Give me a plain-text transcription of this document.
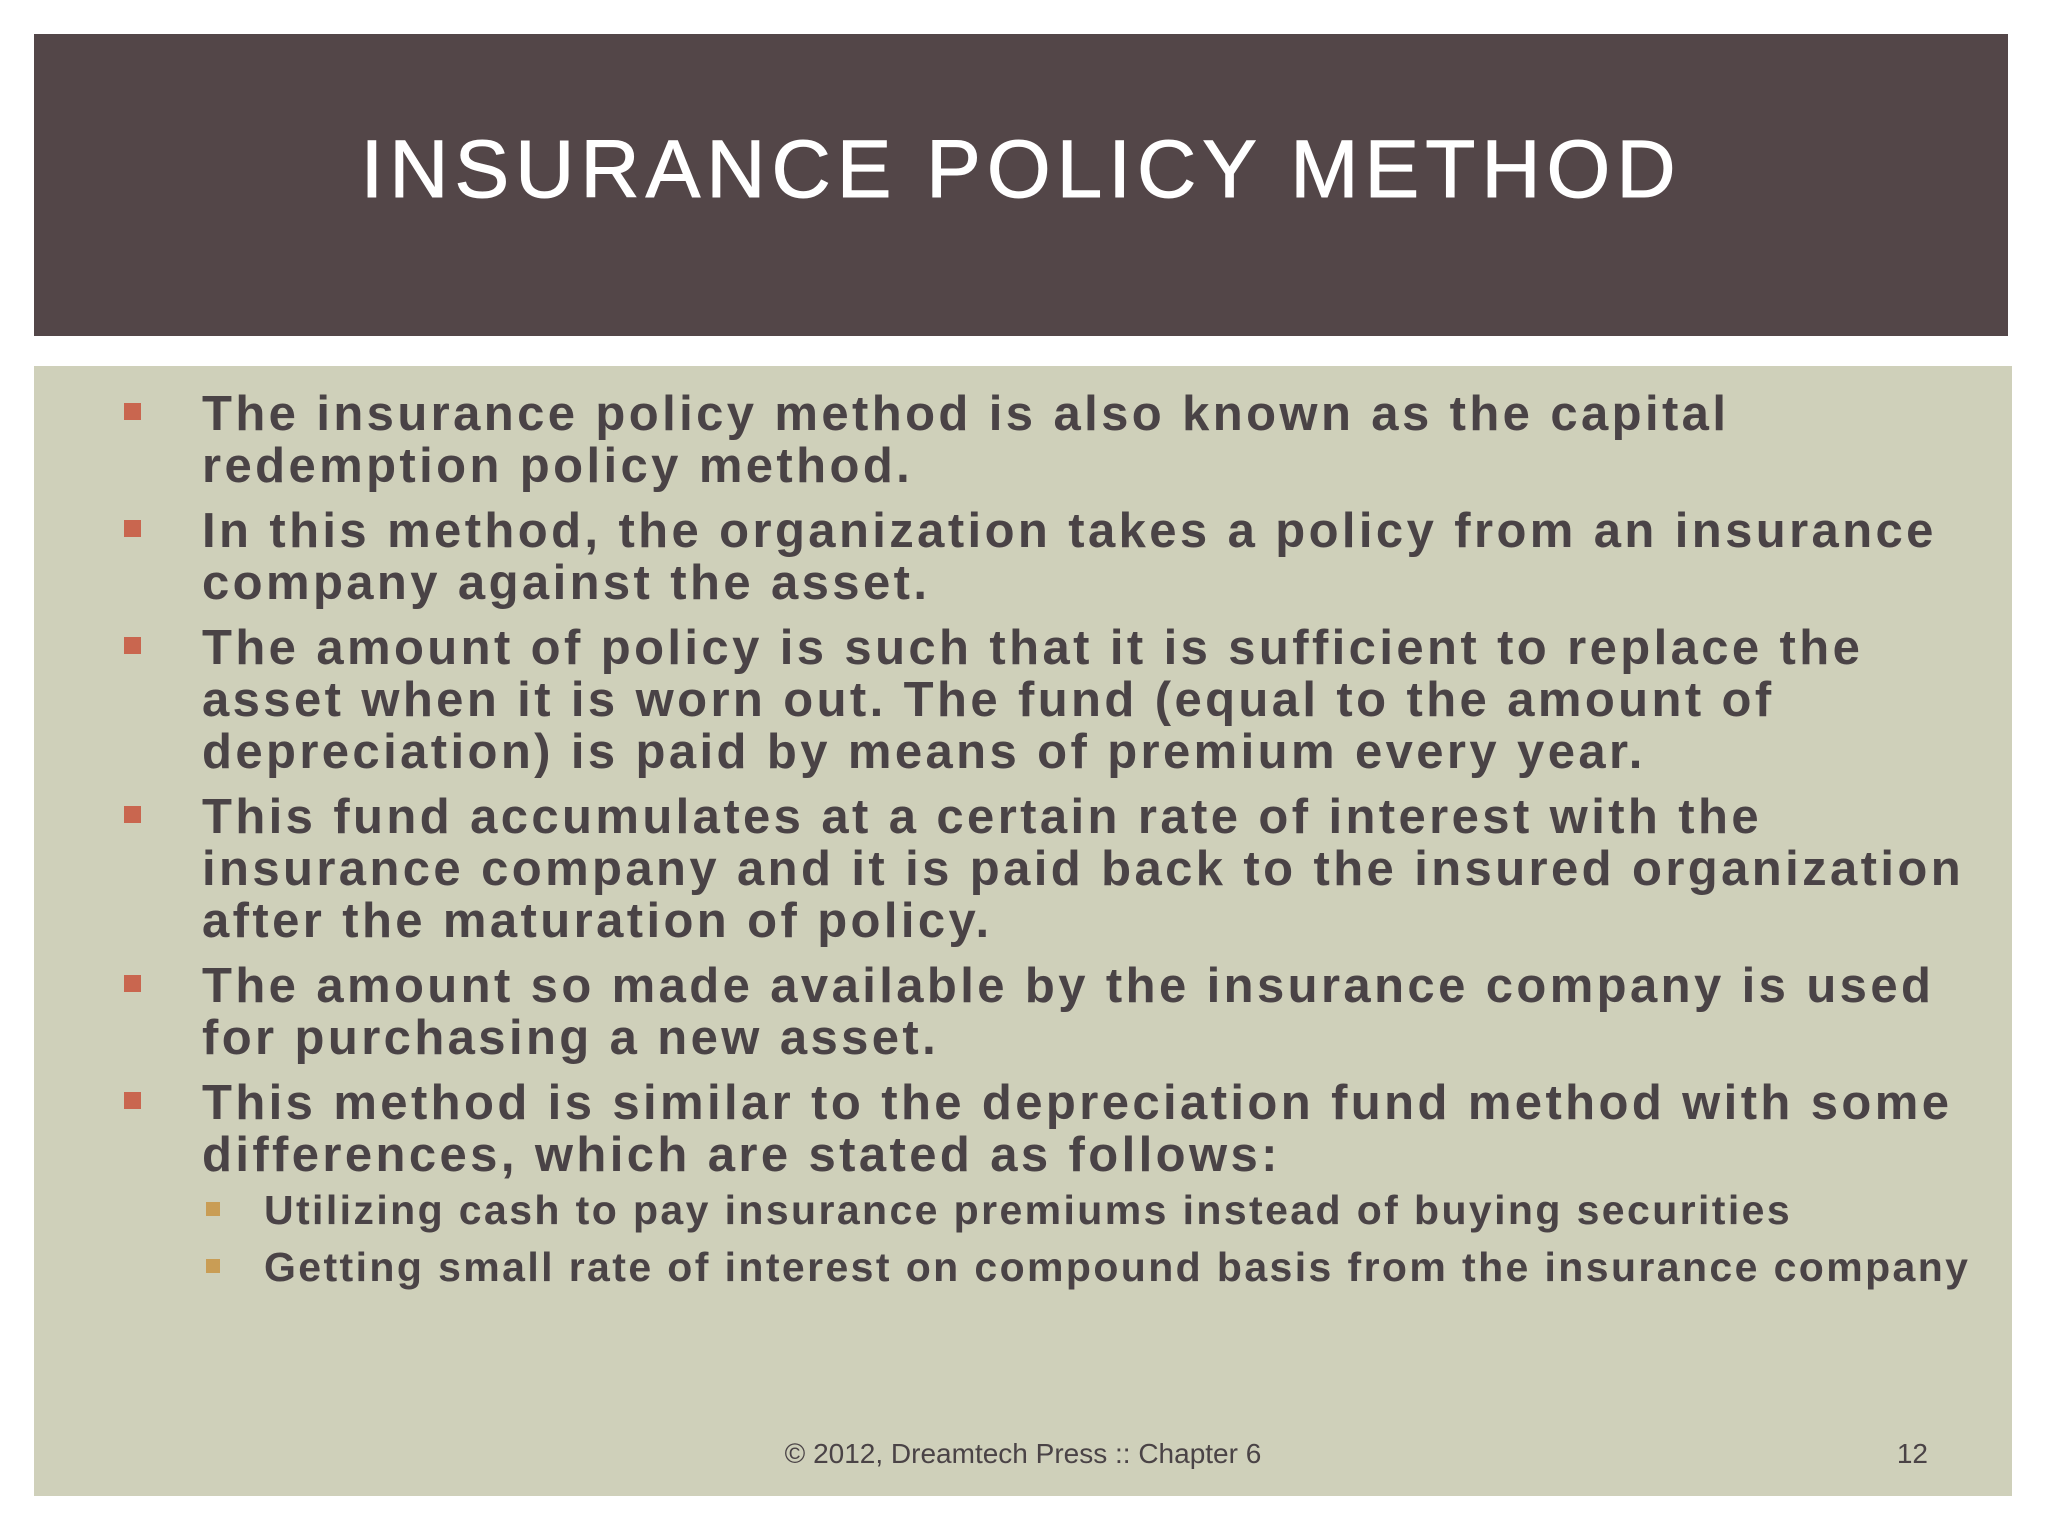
INSURANCE POLICY METHOD
The insurance policy method is also known as the capital redemption policy method.
In this method, the organization takes a policy from an insurance company against the asset.
The amount of policy is such that it is sufficient to replace the asset when it is worn out. The fund (equal to the amount of depreciation) is paid by means of premium every year.
This fund accumulates at a certain rate of interest with the insurance company and it is paid back to the insured organization after the maturation of policy.
The amount so made available by the insurance company is used for purchasing a new asset.
This method is similar to the depreciation fund method with some differences, which are stated as follows:
Utilizing cash to pay insurance premiums instead of buying securities
Getting small rate of interest on compound basis from the insurance company
© 2012, Dreamtech Press :: Chapter 6	12
